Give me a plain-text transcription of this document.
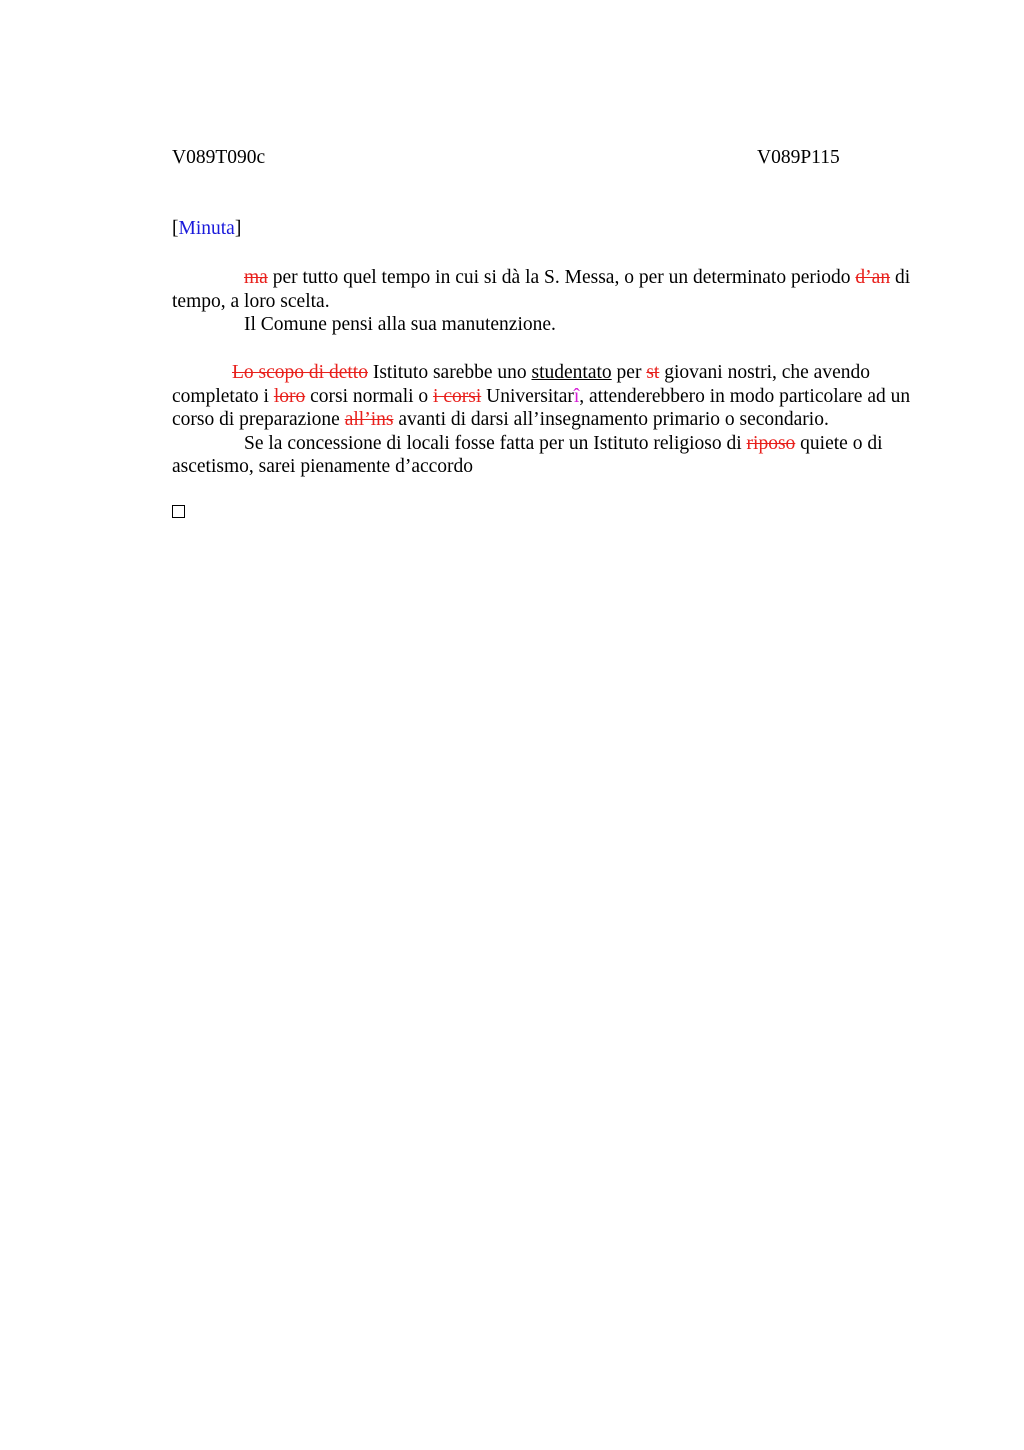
V089T090c	V089P115
[Minuta]

ma per tutto quel tempo in cui si dà la S. Messa, o per un determinato periodo d’an di tempo, a loro scelta.

Il Comune pensi alla sua manutenzione.

Lo scopo di detto Istituto sarebbe uno studentato per st giovani nostri, che avendo completato i loro corsi normali o i corsi Universitarî, attenderebbero in modo particolare ad un corso di preparazione all’ins avanti di darsi all’insegnamento primario o secondario.

Se la concessione di locali fosse fatta per un Istituto religioso di riposo quiete o di ascetismo, sarei pienamente d’accordo
